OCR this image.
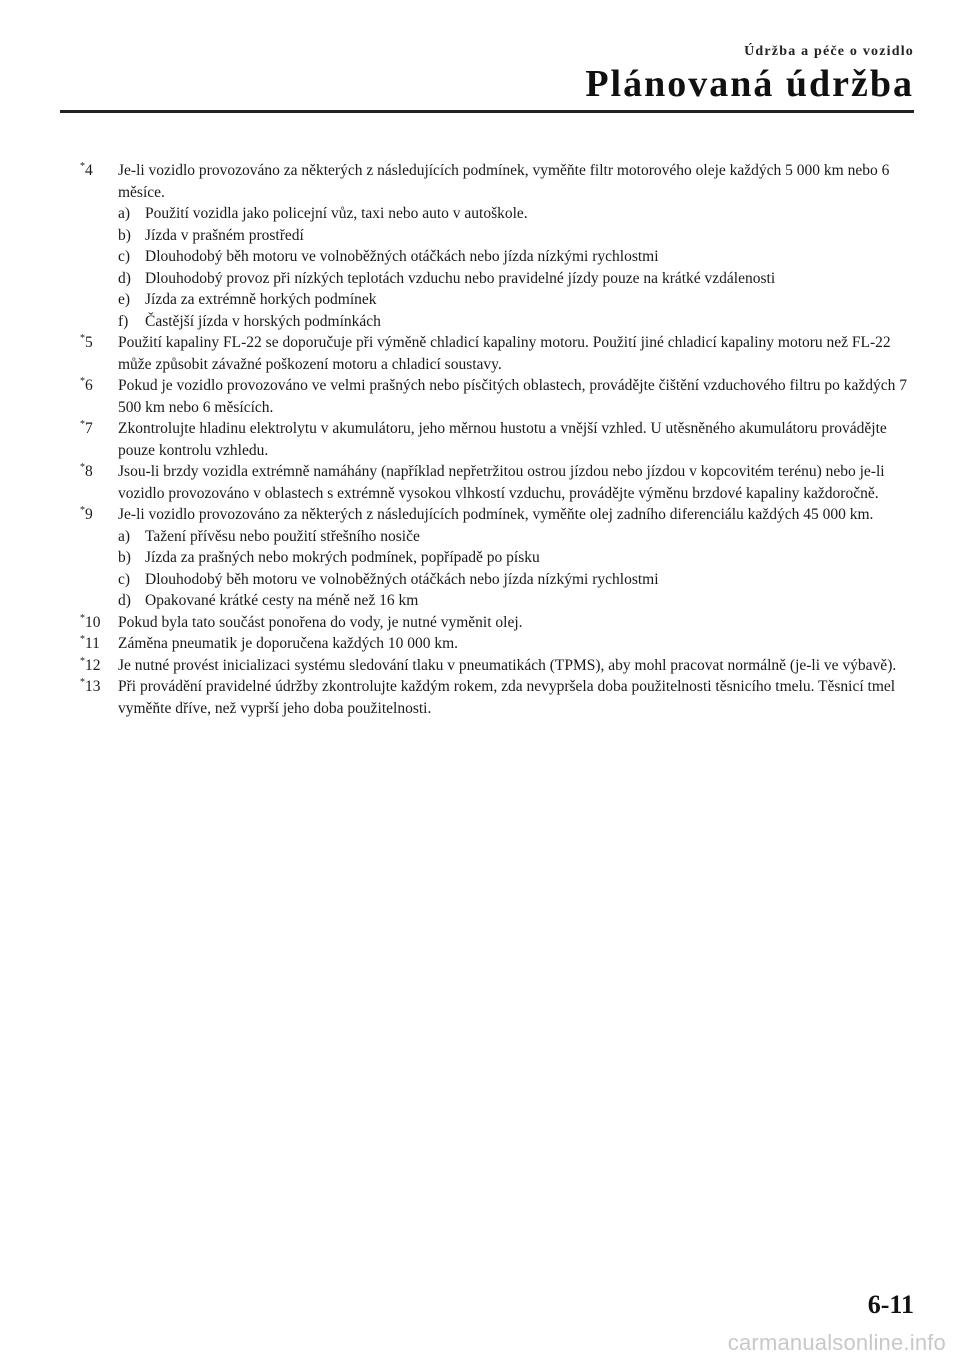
Údržba a péče o vozidlo
Plánovaná údržba
*4 Je-li vozidlo provozováno za některých z následujících podmínek, vyměňte filtr motorového oleje každých 5 000 km nebo 6 měsíce.
a) Použití vozidla jako policejní vůz, taxi nebo auto v autoškole.
b) Jízda v prašném prostředí
c) Dlouhodobý běh motoru ve volnoběžných otáčkách nebo jízda nízkými rychlostmi
d) Dlouhodobý provoz při nízkých teplotách vzduchu nebo pravidelné jízdy pouze na krátké vzdálenosti
e) Jízda za extrémně horkých podmínek
f) Častější jízda v horských podmínkách
*5 Použití kapaliny FL-22 se doporučuje při výměně chladicí kapaliny motoru. Použití jiné chladicí kapaliny motoru než FL-22 může způsobit závažné poškození motoru a chladicí soustavy.
*6 Pokud je vozidlo provozováno ve velmi prašných nebo písčitých oblastech, provádějte čištění vzduchového filtru po každých 7 500 km nebo 6 měsících.
*7 Zkontrolujte hladinu elektrolytu v akumulátoru, jeho měrnou hustotu a vnější vzhled. U utěsněného akumulátoru provádějte pouze kontrolu vzhledu.
*8 Jsou-li brzdy vozidla extrémně namáhány (například nepřetržitou ostrou jízdou nebo jízdou v kopcovitém terénu) nebo je-li vozidlo provozováno v oblastech s extrémně vysokou vlhkostí vzduchu, provádějte výměnu brzdové kapaliny každoročně.
*9 Je-li vozidlo provozováno za některých z následujících podmínek, vyměňte olej zadního diferenciálu každých 45 000 km.
a) Tažení přívěsu nebo použití střešního nosiče
b) Jízda za prašných nebo mokrých podmínek, popřípadě po písku
c) Dlouhodobý běh motoru ve volnoběžných otáčkách nebo jízda nízkými rychlostmi
d) Opakované krátké cesty na méně než 16 km
*10 Pokud byla tato součást ponořena do vody, je nutné vyměnit olej.
*11 Záměna pneumatik je doporučena každých 10 000 km.
*12 Je nutné provést inicializaci systému sledování tlaku v pneumatikách (TPMS), aby mohl pracovat normálně (je-li ve výbavě).
*13 Při provádění pravidelné údržby zkontrolujte každým rokem, zda nevypršela doba použitelnosti těsnicího tmelu. Těsnicí tmel vyměňte dříve, než vyprší jeho doba použitelnosti.
6-11
carmanualsonline.info
